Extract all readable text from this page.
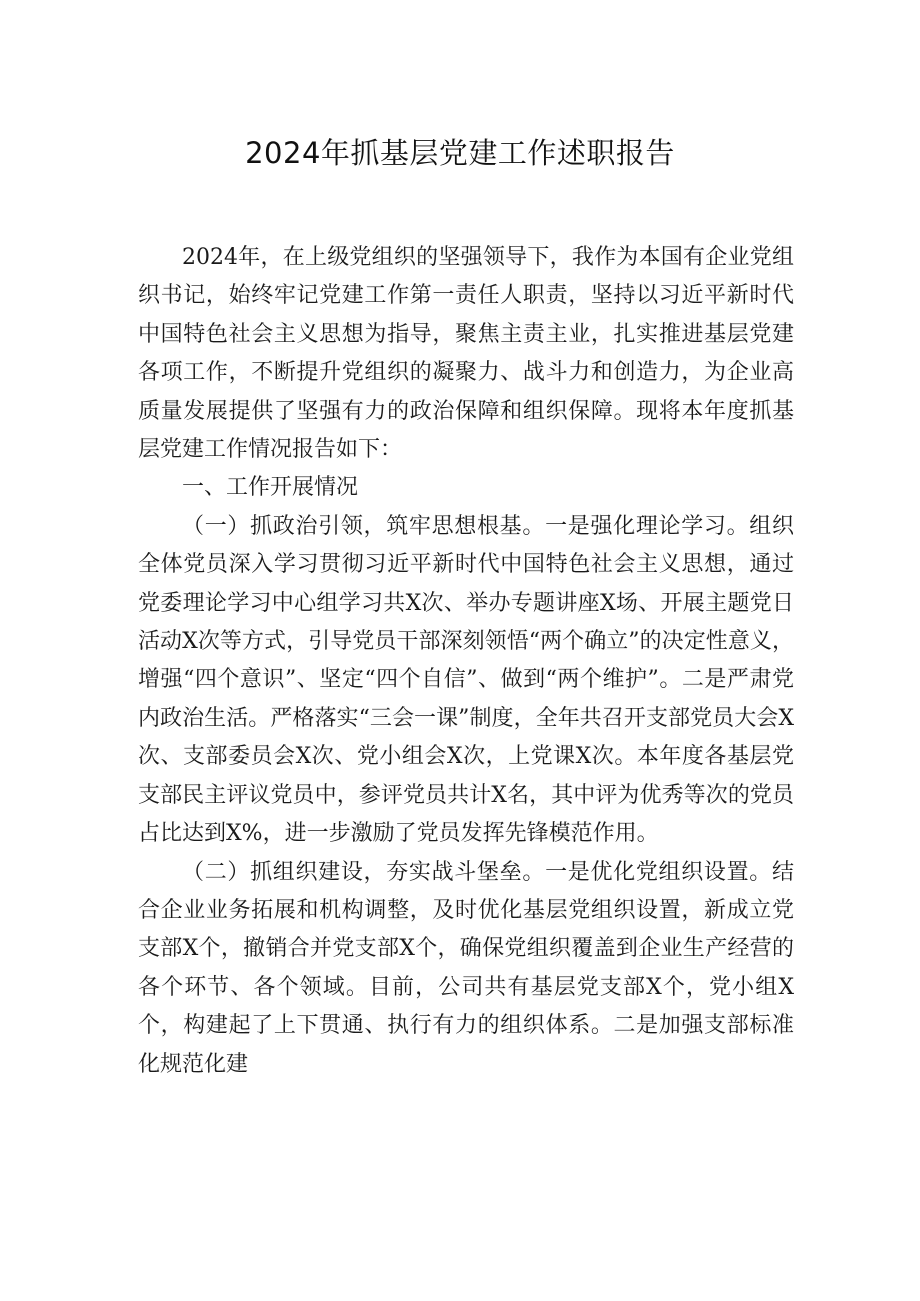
2024年抓基层党建工作述职报告

2024年，在上级党组织的坚强领导下，我作为本国有企业党组织书记，始终牢记党建工作第一责任人职责，坚持以习近平新时代中国特色社会主义思想为指导，聚焦主责主业，扎实推进基层党建各项工作，不断提升党组织的凝聚力、战斗力和创造力，为企业高质量发展提供了坚强有力的政治保障和组织保障。现将本年度抓基层党建工作情况报告如下：

一、工作开展情况

（一）抓政治引领，筑牢思想根基。一是强化理论学习。组织全体党员深入学习贯彻习近平新时代中国特色社会主义思想，通过党委理论学习中心组学习共X次、举办专题讲座X场、开展主题党日活动X次等方式，引导党员干部深刻领悟“两个确立”的决定性意义，增强“四个意识”、坚定“四个自信”、做到“两个维护”。二是严肃党内政治生活。严格落实“三会一课”制度，全年共召开支部党员大会X次、支部委员会X次、党小组会X次，上党课X次。本年度各基层党支部民主评议党员中，参评党员共计X名，其中评为优秀等次的党员占比达到X%，进一步激励了党员发挥先锋模范作用。

（二）抓组织建设，夯实战斗堡垒。一是优化党组织设置。结合企业业务拓展和机构调整，及时优化基层党组织设置，新成立党支部X个，撤销合并党支部X个，确保党组织覆盖到企业生产经营的各个环节、各个领域。目前，公司共有基层党支部X个，党小组X个，构建起了上下贯通、执行有力的组织体系。二是加强支部标准化规范化建
